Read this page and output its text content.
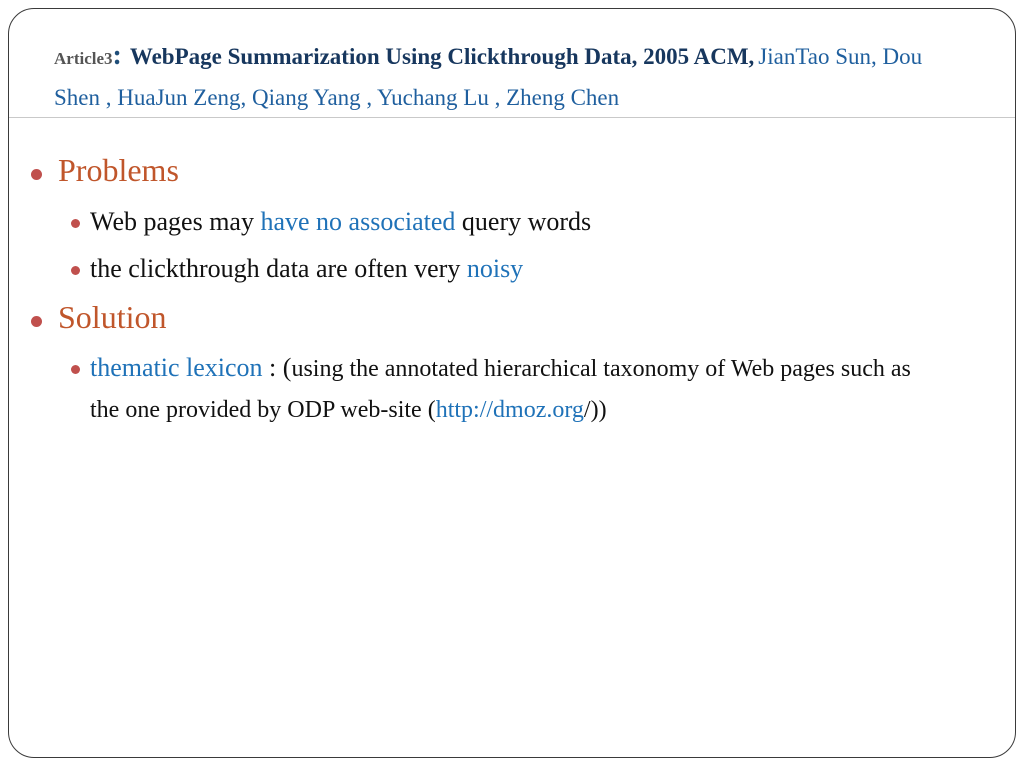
Article3: WebPage Summarization Using Clickthrough Data, 2005 ACM, JianTao Sun, Dou Shen , HuaJun Zeng, Qiang Yang , Yuchang Lu , Zheng Chen
Problems
Web pages may have no associated query words
the clickthrough data are often very noisy
Solution
thematic lexicon : (using the annotated hierarchical taxonomy of Web pages such as
the one provided by ODP web-site (http://dmoz.org/))
